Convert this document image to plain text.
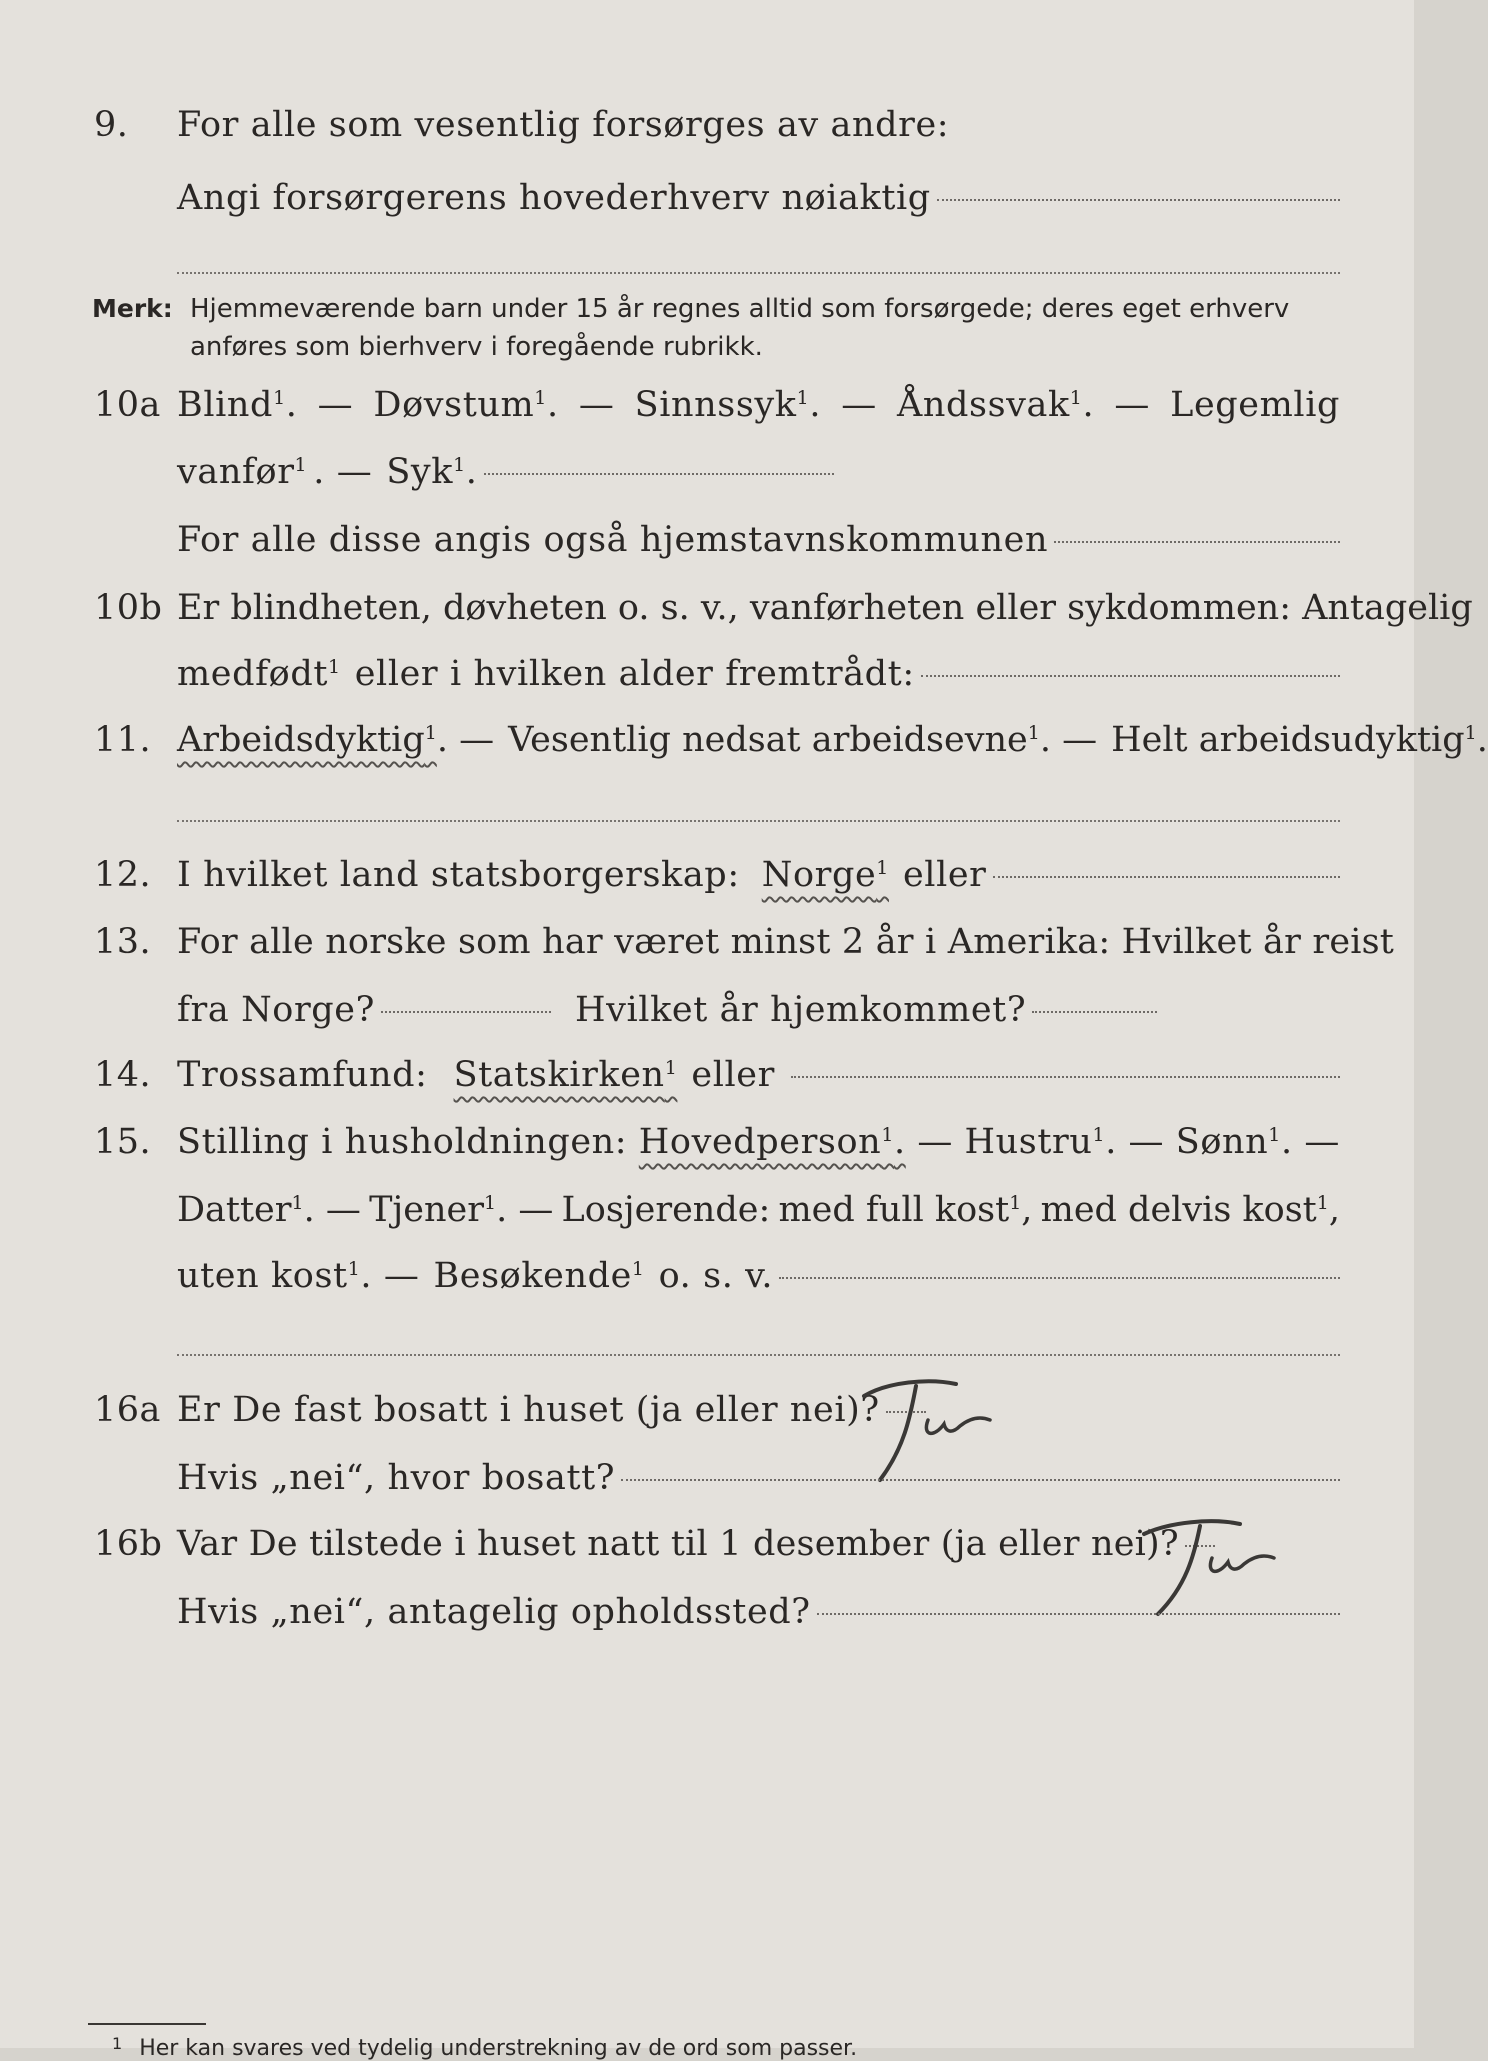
9. For alle som vesentlig forsørges av andre:
Angi forsørgerens hovederhverv nøiaktig
Merk: Hjemmeværende barn under 15 år regnes alltid som forsørgede; deres eget erhverv
anføres som bierhverv i foregående rubrikk.
10a Blind$^1$. — Døvstum$^1$. — Sinnssyk$^1$. — Åndssvak$^1$. — Legemlig
vanfør$^1$ . — Syk$^1$.
For alle disse angis også hjemstavnskommunen
10b Er blindheten, døvheten o. s. v., vanførheten eller sykdommen: Antagelig
medfødt$^1$ eller i hvilken alder fremtrådt:
11. Arbeidsdyktig$^1$ . — Vesentlig nedsat arbeidsevne$^1$ . — Helt arbeidsudyktig$^1$.
12. I hvilket land statsborgerskap: Norge$^1$ eller
13. For alle norske som har været minst 2 år i Amerika: Hvilket år reist
fra Norge?	Hvilket år hjemkommet?
14. Trossamfund: Statskirken$^1$ eller
15. Stilling i husholdningen: Hovedperson$^1$. — Hustru$^1$. — Sønn$^1$. —
Datter$^1$. — Tjener$^1$. — Losjerende: med full kost$^1$, med delvis kost$^1$,
uten kost$^1$. — Besøkende$^1$ o. s. v.
16a Er De fast bosatt i huset (ja eller nei)?
Hvis „nei“, hvor bosatt?
16b Var De tilstede i huset natt til 1 desember (ja eller nei)?
Hvis „nei“, antagelig opholdssted?
$^1$ Her kan svares ved tydelig understrekning av de ord som passer.
